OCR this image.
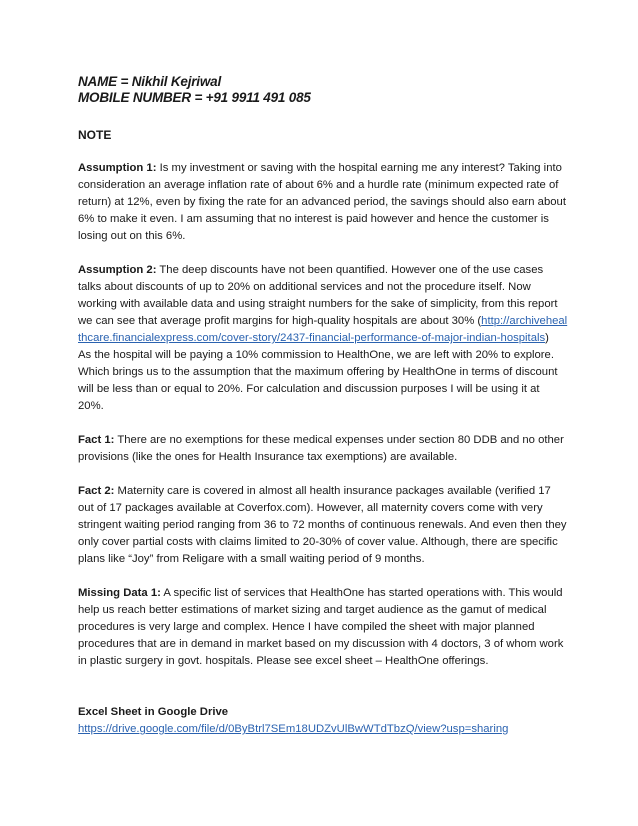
NAME = Nikhil Kejriwal
MOBILE NUMBER = +91 9911 491 085
NOTE

Assumption 1: Is my investment or saving with the hospital earning me any interest? Taking into consideration an average inflation rate of about 6% and a hurdle rate (minimum expected rate of return) at 12%, even by fixing the rate for an advanced period, the savings should also earn about 6% to make it even. I am assuming that no interest is paid however and hence the customer is losing out on this 6%.

Assumption 2: The deep discounts have not been quantified. However one of the use cases talks about discounts of up to 20% on additional services and not the procedure itself. Now working with available data and using straight numbers for the sake of simplicity, from this report we can see that average profit margins for high-quality hospitals are about 30% (http://archivehealthcare.financialexpress.com/cover-story/2437-financial-performance-of-major-indian-hospitals)

As the hospital will be paying a 10% commission to HealthOne, we are left with 20% to explore. Which brings us to the assumption that the maximum offering by HealthOne in terms of discount will be less than or equal to 20%. For calculation and discussion purposes I will be using it at 20%.

Fact 1: There are no exemptions for these medical expenses under section 80 DDB and no other provisions (like the ones for Health Insurance tax exemptions) are available.

Fact 2: Maternity care is covered in almost all health insurance packages available (verified 17 out of 17 packages available at Coverfox.com). However, all maternity covers come with very stringent waiting period ranging from 36 to 72 months of continuous renewals. And even then they only cover partial costs with claims limited to 20-30% of cover value. Although, there are specific plans like “Joy” from Religare with a small waiting period of 9 months.

Missing Data 1: A specific list of services that HealthOne has started operations with. This would help us reach better estimations of market sizing and target audience as the gamut of medical procedures is very large and complex. Hence I have compiled the sheet with major planned procedures that are in demand in market based on my discussion with 4 doctors, 3 of whom work in plastic surgery in govt. hospitals. Please see excel sheet – HealthOne offerings.

Excel Sheet in Google Drive

https://drive.google.com/file/d/0ByBtrl7SEm18UDZvUlBwWTdTbzQ/view?usp=sharing
